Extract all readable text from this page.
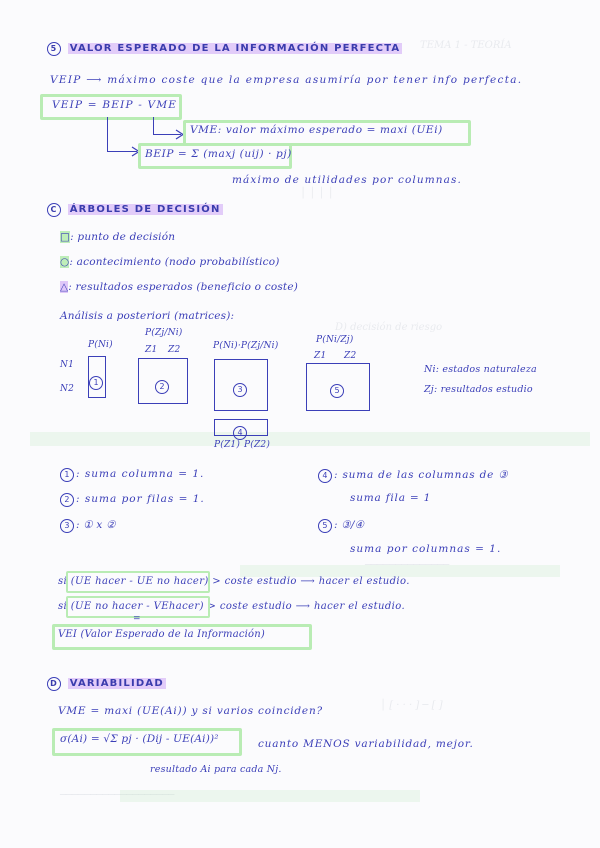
TEMA 1 - TEORÍA
─────────────
│ │ │ │
D) decisión de riesgo
──────────────
│ [ · · · ] ─ [ ]
───────────────────
5 VALOR ESPERADO DE LA INFORMACIÓN PERFECTA
VEIP ⟶ máximo coste que la empresa asumiría por tener info perfecta.
VEIP = BEIP - VME
VME: valor máximo esperado = maxi (UEi)
BEIP = Σ (maxj (uij) · pj)
máximo de utilidades por columnas.
C ÁRBOLES DE DECISIÓN
□: punto de decisión
○: acontecimiento (nodo probabilístico)
△: resultados esperados (beneficio o coste)
Análisis a posteriori (matrices):
P(Ni)
N1
N2
1
P(Zj/Ni)
Z1 Z2
2
P(Ni)·P(Zj/Ni)
3
4
P(Z1) P(Z2)
P(Ni/Zj)
Z1 Z2
5
Ni: estados naturaleza
Zj: resultados estudio
1 : suma columna = 1.
2 : suma por filas = 1.
3 : ① x ②
4 : suma de las columnas de ③
suma fila = 1
5 : ③/④
suma por columnas = 1.
si (UE hacer - UE no hacer) > coste estudio ⟶ hacer el estudio.
si (UE no hacer - VEhacer) > coste estudio ⟶ hacer el estudio.
=
VEI (Valor Esperado de la Información)
D VARIABILIDAD
VME = maxi (UE(Ai)) y si varios coinciden?
σ(Ai) = √Σ pj · (Dij - UE(Ai))²	cuanto MENOS variabilidad, mejor.
resultado Ai para cada Nj.
